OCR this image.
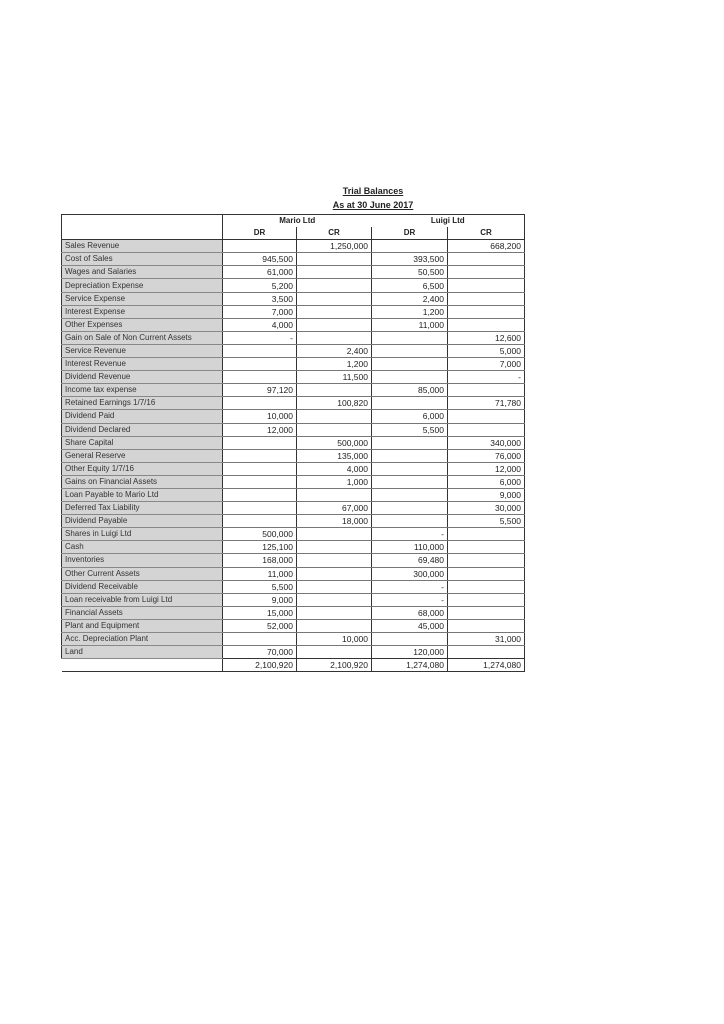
Trial Balances
As at 30 June 2017
	Mario Ltd		Luigi Ltd	
	DR	CR	DR	CR
Sales Revenue		1,250,000		668,200
Cost of Sales	945,500		393,500	
Wages and Salaries	61,000		50,500	
Depreciation Expense	5,200		6,500	
Service Expense	3,500		2,400	
Interest Expense	7,000		1,200	
Other Expenses	4,000		11,000	
Gain on Sale of Non Current Assets	-			12,600
Service Revenue		2,400		5,000
Interest Revenue		1,200		7,000
Dividend Revenue		11,500		-
Income tax expense	97,120		85,000	
Retained Earnings 1/7/16		100,820		71,780
Dividend Paid	10,000		6,000	
Dividend Declared	12,000		5,500	
Share Capital		500,000		340,000
General Reserve		135,000		76,000
Other Equity 1/7/16		4,000		12,000
Gains on Financial Assets		1,000		6,000
Loan Payable to Mario Ltd				9,000
Deferred Tax Liability		67,000		30,000
Dividend Payable		18,000		5,500
Shares in Luigi Ltd	500,000		-	
Cash	125,100		110,000	
Inventories	168,000		69,480	
Other Current Assets	11,000		300,000	
Dividend Receivable	5,500		-	
Loan receivable from Luigi Ltd	9,000		-	
Financial Assets	15,000		68,000	
Plant and Equipment	52,000		45,000	
Acc. Depreciation Plant		10,000		31,000
Land	70,000		120,000	
	2,100,920	2,100,920	1,274,080	1,274,080
